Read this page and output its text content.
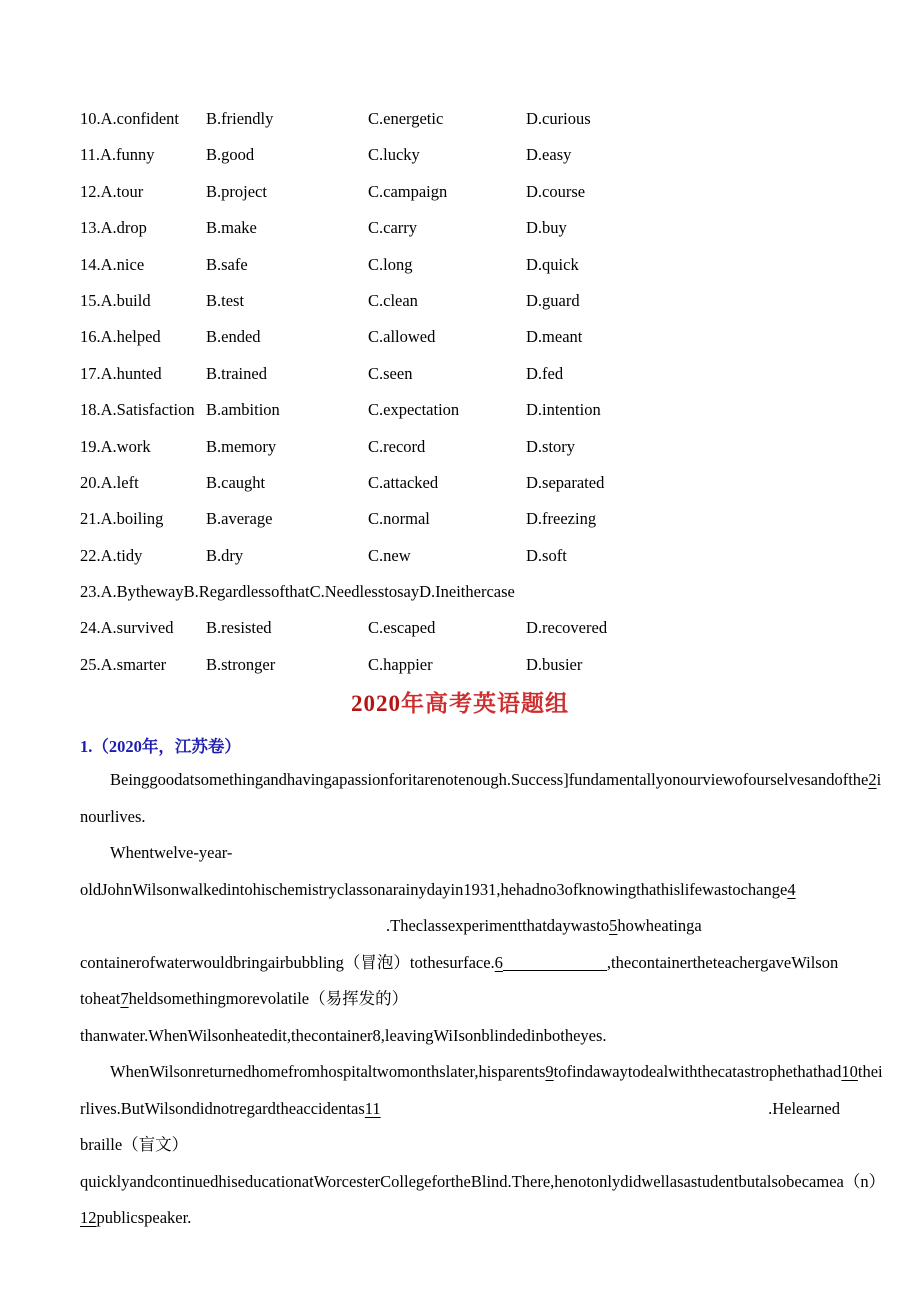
10.A.confident	B.friendly	C.energetic	D.curious
11.A.funny	B.good	C.lucky	D.easy
12.A.tour	B.project	C.campaign	D.course
13.A.drop	B.make	C.carry	D.buy
14.A.nice	B.safe	C.long	D.quick
15.A.build	B.test	C.clean	D.guard
16.A.helped	B.ended	C.allowed	D.meant
17.A.hunted	B.trained	C.seen	D.fed
18.A.Satisfaction B.ambition	C.expectation	D.intention
19.A.work	B.memory	C.record	D.story
20.A.left	B.caught	C.attacked	D.separated
21.A.boiling	B.average	C.normal	D.freezing
22.A.tidy	B.dry	C.new	D.soft
23.A.BythewayB.RegardlessofthatC.NeedlesstosayD.Ineithercase
24.A.survived	B.resisted	C.escaped	D.recovered
25.A.smarter	B.stronger	C.happier	D.busier
2020年高考英语题组
1.（2020年，江苏卷）
Beinggoodatsomethingandhavingapassionforitarenotenough.Success]fundamentallyonourviewofourselvesandofthe2i
nourlives.
Whentwelve-year-
oldJohnWilsonwalkedintohischemistryclassonarainydayin1931,hehadno3ofknowingthathislifewastochange4
.Theclassexperimentthatdaywasto5howheatinga
containerofwaterwouldbringairbubbling（冒泡）tothesurface.6	,thecontainertheteachergaveWilson
toheat7heldsomethingmorevolatile（易挥发的）
thanwater.WhenWilsonheatedit,thecontainer8,leavingWiIsonblindedinbotheyes.
WhenWilsonreturnedhomefromhospitaltwomonthslater,hisparents9tofindawaytodealwiththecatastrophethathad10thei
rlives.ButWilsondidnotregardtheaccidentas11	.Helearned
braille（盲文）
quicklyandcontinuedhiseducationatWorcesterCollegefortheBlind.There,henotonlydidwellasastudentbutalsobecamea（n）
12publicspeaker.
